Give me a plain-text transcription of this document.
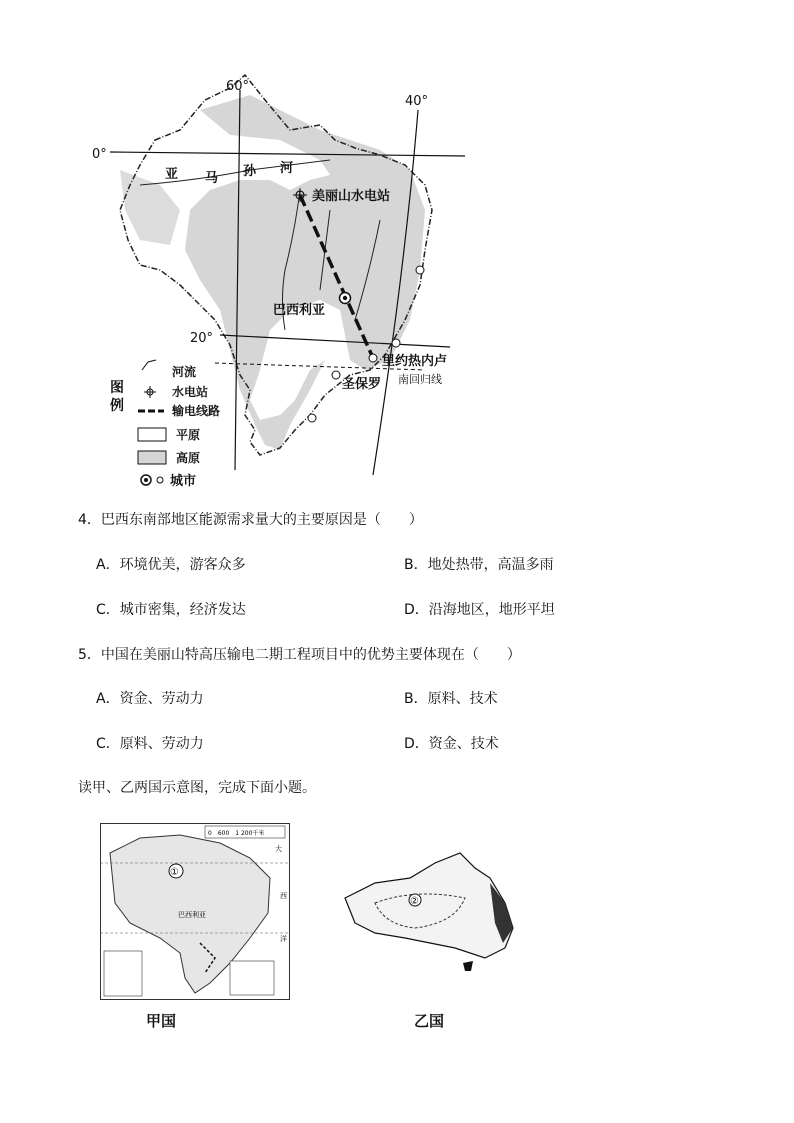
60°
40°
0°
20°
亚 马 孙 河
美丽山水电站
巴西利亚
里约热内卢
圣保罗 南回归线
图
例
河流
水电站
输电线路
平原
高原
城市
4．巴西东南部地区能源需求量大的主要原因是（　　）
A．环境优美，游客众多	B．地处热带，高温多雨
C．城市密集，经济发达	D．沿海地区，地形平坦
5．中国在美丽山特高压输电二期工程项目中的优势主要体现在（　　）
A．资金、劳动力	B．原料、技术
C．原料、劳动力	D．资金、技术
读甲、乙两国示意图，完成下面小题。
0　600　1 200千米
①
巴西利亚
大
西
洋
②
甲国	乙国
